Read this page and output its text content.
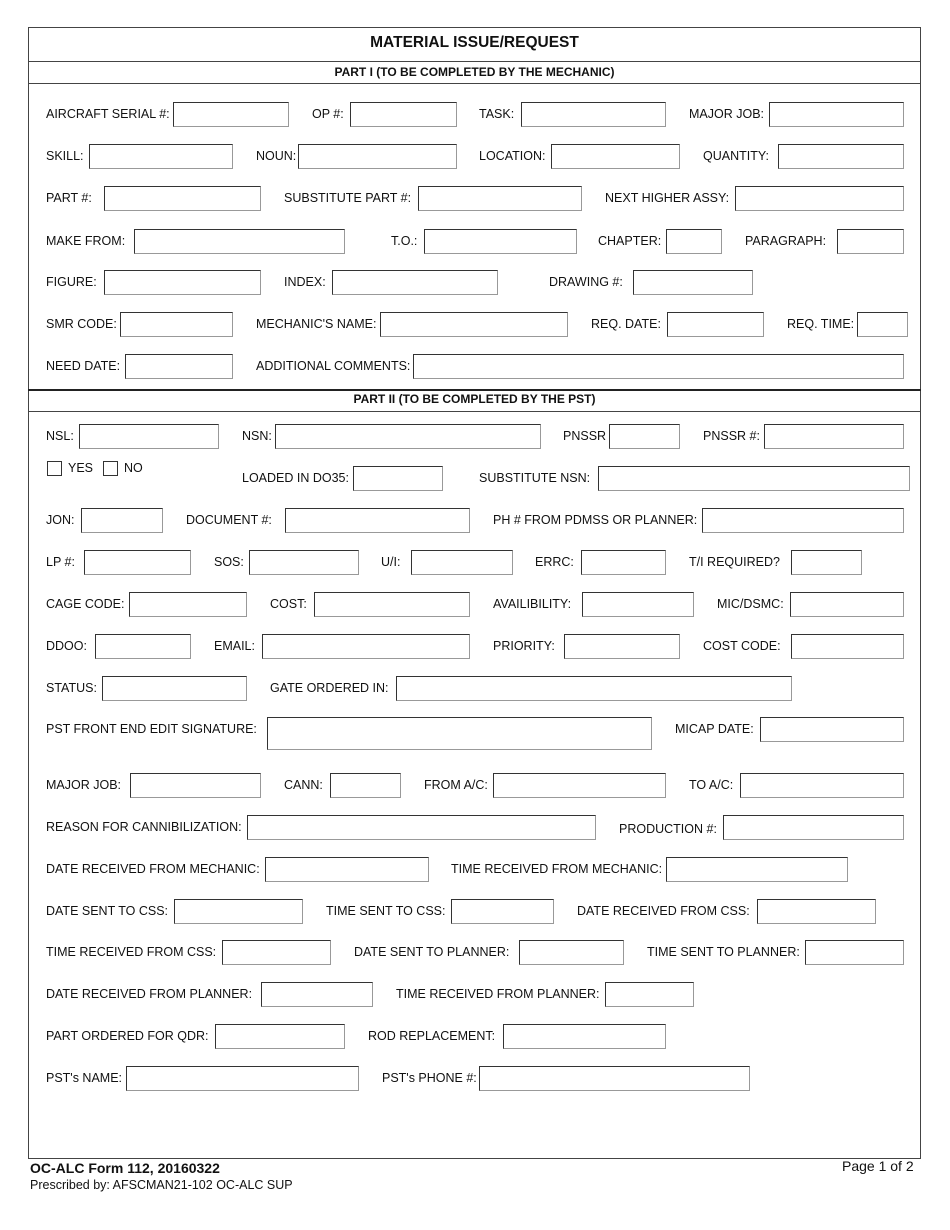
MATERIAL ISSUE/REQUEST
PART I (TO BE COMPLETED BY THE MECHANIC)
PART II (TO BE COMPLETED BY THE PST)
AIRCRAFT SERIAL #:	OP #:	TASK:	MAJOR JOB:
SKILL:	NOUN:	LOCATION:	QUANTITY:
PART #:	SUBSTITUTE PART #:	NEXT HIGHER ASSY:
MAKE FROM:	T.O.:	CHAPTER:	PARAGRAPH:
FIGURE:	INDEX:	DRAWING #:
SMR CODE:	MECHANIC'S NAME:	REQ. DATE:	REQ. TIME:
NEED DATE:	ADDITIONAL COMMENTS:
NSL:	NSN:	PNSSR	PNSSR #:
YES NO
LOADED IN DO35:	SUBSTITUTE NSN:
JON:	DOCUMENT #:	PH # FROM PDMSS OR PLANNER:
LP #:	SOS:	U/I:	ERRC:	T/I REQUIRED?
CAGE CODE:	COST:	AVAILIBILITY:	MIC/DSMC:
DDOO:	EMAIL:	PRIORITY:	COST CODE:
STATUS:	GATE ORDERED IN:
PST FRONT END EDIT SIGNATURE:	MICAP DATE:
MAJOR JOB:	CANN:	FROM A/C:	TO A/C:
REASON FOR CANNIBILIZATION:	PRODUCTION #:
DATE RECEIVED FROM MECHANIC:	TIME RECEIVED FROM MECHANIC:
DATE SENT TO CSS:	TIME SENT TO CSS:	DATE RECEIVED FROM CSS:
TIME RECEIVED FROM CSS:	DATE SENT TO PLANNER:	TIME SENT TO PLANNER:
DATE RECEIVED FROM PLANNER:	TIME RECEIVED FROM PLANNER:
PART ORDERED FOR QDR:	ROD REPLACEMENT:
PST's NAME:	PST's PHONE #:
OC-ALC Form 112, 20160322
Prescribed by: AFSCMAN21-102 OC-ALC SUP
Page 1 of 2
